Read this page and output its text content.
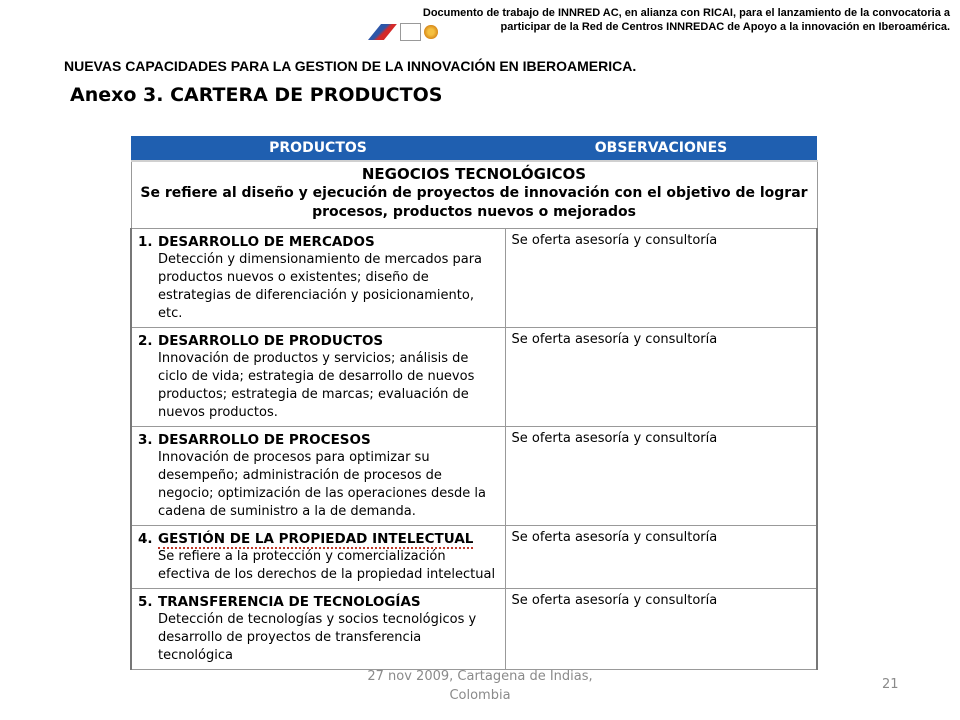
Documento de trabajo de INNRED AC, en alianza con RICAI, para el lanzamiento de la convocatoria a
participar de la Red de Centros INNREDAC de Apoyo a la innovación en Iberoamérica.
NUEVAS CAPACIDADES PARA LA GESTION DE LA INNOVACIÓN EN IBEROAMERICA.
Anexo 3. CARTERA DE PRODUCTOS
PRODUCTOS	OBSERVACIONES

NEGOCIOS TECNOLÓGICOS
Se refiere al diseño y ejecución de proyectos de innovación con el objetivo de lograr procesos, productos nuevos o mejorados	

1. DESARROLLO DE MERCADOS
Detección y dimensionamiento de mercados para productos nuevos o existentes; diseño de estrategias de diferenciación y posicionamiento, etc.	Se oferta asesoría y consultoría

2. DESARROLLO DE PRODUCTOS
Innovación de productos y servicios; análisis de ciclo de vida; estrategia de desarrollo de nuevos productos; estrategia de marcas; evaluación de nuevos productos.	Se oferta asesoría y consultoría

3. DESARROLLO DE PROCESOS
Innovación de procesos para optimizar su desempeño; administración de procesos de negocio; optimización de las operaciones desde la cadena de suministro a la de demanda.	Se oferta asesoría y consultoría

4. GESTIÓN DE LA PROPIEDAD INTELECTUAL
Se refiere a la protección y comercialización efectiva de los derechos de la propiedad intelectual	Se oferta asesoría y consultoría

5. TRANSFERENCIA DE TECNOLOGÍAS
Detección de tecnologías y socios tecnológicos y desarrollo de proyectos de transferencia tecnológica	Se oferta asesoría y consultoría
27 nov 2009, Cartagena de Indias,
Colombia
21
